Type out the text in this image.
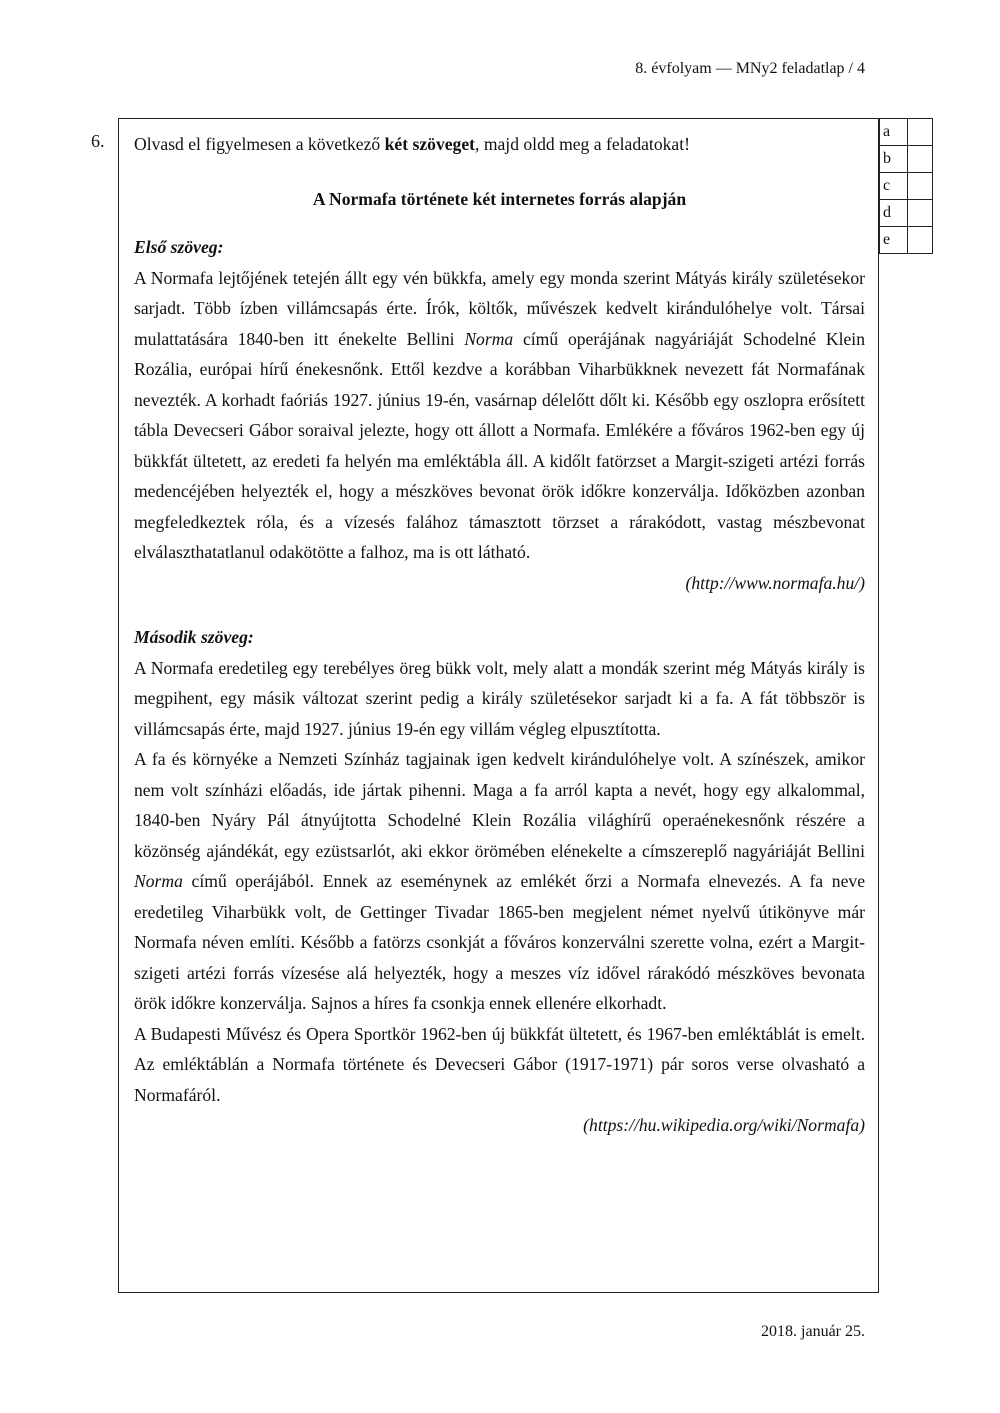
8. évfolyam — MNy2 feladatlap / 4
6. Olvasd el figyelmesen a következő két szöveget, majd oldd meg a feladatokat!

A Normafa története két internetes forrás alapján

Első szöveg:

A Normafa lejtőjének tetején állt egy vén bükkfa, amely egy monda szerint Mátyás király születésekor sarjadt. Több ízben villámcsapás érte. Írók, költők, művészek kedvelt kirándulóhelye volt. Társai mulattatására 1840-ben itt énekelte Bellini Norma című operájának nagyáriáját Schodelné Klein Rozália, európai hírű énekesnőnk. Ettől kezdve a korábban Viharbükknek nevezett fát Normafának nevezték. A korhadt faóriás 1927. június 19-én, vasárnap délelőtt dőlt ki. Később egy oszlopra erősített tábla Devecseri Gábor soraival jelezte, hogy ott állott a Normafa. Emlékére a főváros 1962-ben egy új bükkfát ültetett, az eredeti fa helyén ma emléktábla áll. A kidőlt fatörzset a Margit-szigeti artézi forrás medencéjében helyezték el, hogy a mészköves bevonat örök időkre konzerválja. Időközben azonban megfeledkeztek róla, és a vízesés falához támasztott törzset a rárakódott, vastag mészbevonat elválaszthatatlanul odakötötte a falhoz, ma is ott látható.

(http://www.normafa.hu/)

Második szöveg:

A Normafa eredetileg egy terebélyes öreg bükk volt, mely alatt a mondák szerint még Mátyás király is megpihent, egy másik változat szerint pedig a király születésekor sarjadt ki a fa. A fát többször is villámcsapás érte, majd 1927. június 19-én egy villám végleg elpusztította.

A fa és környéke a Nemzeti Színház tagjainak igen kedvelt kirándulóhelye volt. A színészek, amikor nem volt színházi előadás, ide jártak pihenni. Maga a fa arról kapta a nevét, hogy egy alkalommal, 1840-ben Nyáry Pál átnyújtotta Schodelné Klein Rozália világhírű operaénekesnőnk részére a közönség ajándékát, egy ezüstsarlót, aki ekkor örömében elénekelte a címszereplő nagyáriáját Bellini Norma című operájából. Ennek az eseménynek az emlékét őrzi a Normafa elnevezés. A fa neve eredetileg Viharbükk volt, de Gettinger Tivadar 1865-ben megjelent német nyelvű útikönyve már Normafa néven említi. Később a fatörzs csonkját a főváros konzerválni szerette volna, ezért a Margit-szigeti artézi forrás vízesése alá helyezték, hogy a meszes víz idővel rárakódó mészköves bevonata örök időkre konzerválja. Sajnos a híres fa csonkja ennek ellenére elkorhadt.

A Budapesti Művész és Opera Sportkör 1962-ben új bükkfát ültetett, és 1967-ben emléktáblát is emelt. Az emléktáblán a Normafa története és Devecseri Gábor (1917-1971) pár soros verse olvasható a Normafáról.

(https://hu.wikipedia.org/wiki/Normafa)

a	
b	
c	
d	
e	
2018. január 25.
